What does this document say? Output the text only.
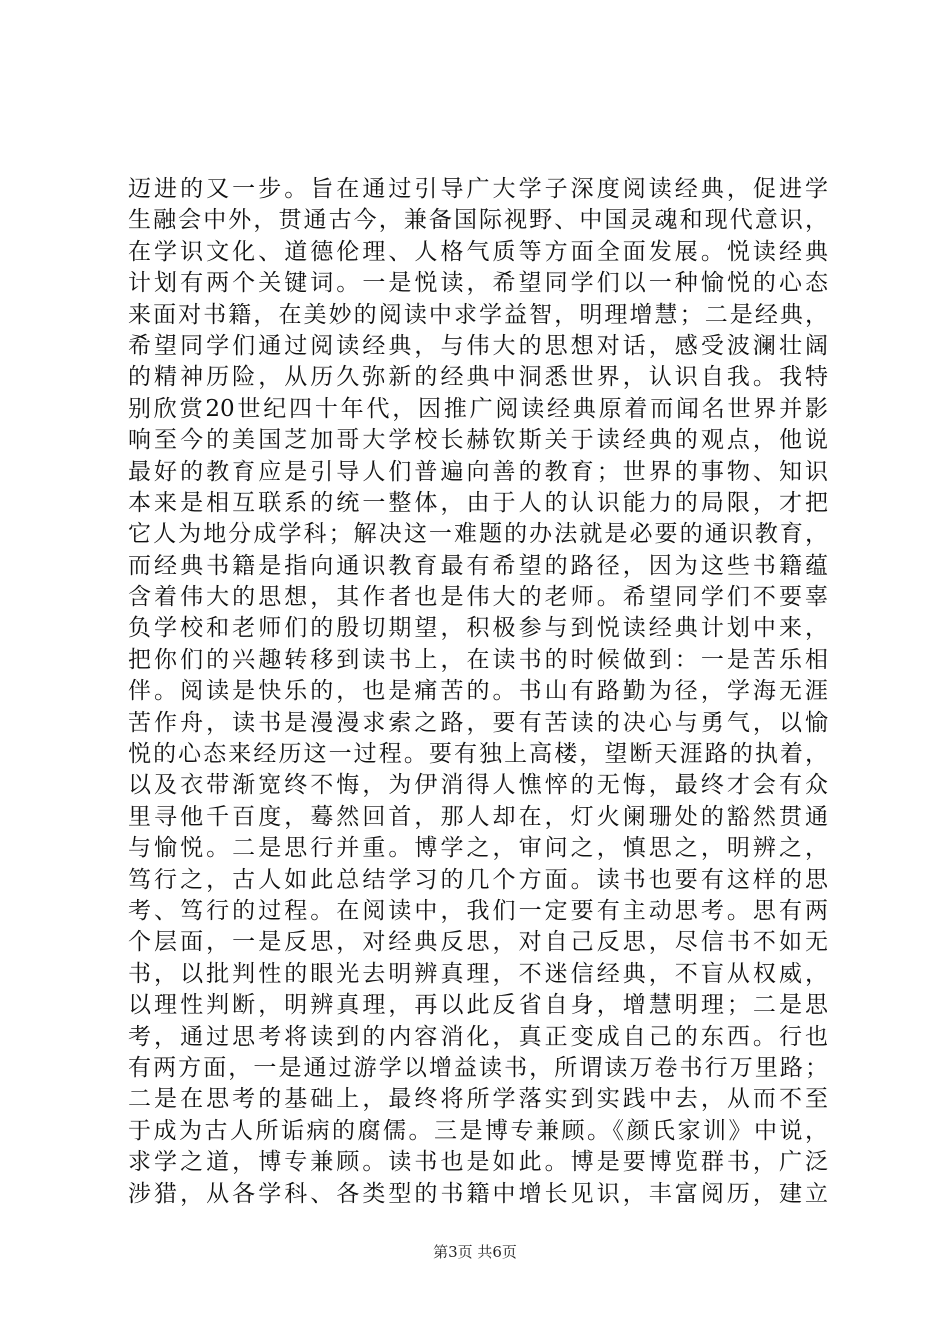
迈进的又一步。旨在通过引导广大学子深度阅读经典，促进学
生融会中外，贯通古今，兼备国际视野、中国灵魂和现代意识，
在学识文化、道德伦理、人格气质等方面全面发展。悦读经典
计划有两个关键词。一是悦读，希望同学们以一种愉悦的心态
来面对书籍，在美妙的阅读中求学益智，明理增慧；二是经典，
希望同学们通过阅读经典，与伟大的思想对话，感受波澜壮阔
的精神历险，从历久弥新的经典中洞悉世界，认识自我。我特
别欣赏20世纪四十年代，因推广阅读经典原着而闻名世界并影
响至今的美国芝加哥大学校长赫钦斯关于读经典的观点，他说
最好的教育应是引导人们普遍向善的教育；世界的事物、知识
本来是相互联系的统一整体，由于人的认识能力的局限，才把
它人为地分成学科；解决这一难题的办法就是必要的通识教育，
而经典书籍是指向通识教育最有希望的路径，因为这些书籍蕴
含着伟大的思想，其作者也是伟大的老师。希望同学们不要辜
负学校和老师们的殷切期望，积极参与到悦读经典计划中来，
把你们的兴趣转移到读书上，在读书的时候做到：一是苦乐相
伴。阅读是快乐的，也是痛苦的。书山有路勤为径，学海无涯
苦作舟，读书是漫漫求索之路，要有苦读的决心与勇气，以愉
悦的心态来经历这一过程。要有独上高楼，望断天涯路的执着，
以及衣带渐宽终不悔，为伊消得人憔悴的无悔，最终才会有众
里寻他千百度，蓦然回首，那人却在，灯火阑珊处的豁然贯通
与愉悦。二是思行并重。博学之，审问之，慎思之，明辨之，
笃行之，古人如此总结学习的几个方面。读书也要有这样的思
考、笃行的过程。在阅读中，我们一定要有主动思考。思有两
个层面，一是反思，对经典反思，对自己反思，尽信书不如无
书，以批判性的眼光去明辨真理，不迷信经典，不盲从权威，
以理性判断，明辨真理，再以此反省自身，增慧明理；二是思
考，通过思考将读到的内容消化，真正变成自己的东西。行也
有两方面，一是通过游学以增益读书，所谓读万卷书行万里路；
二是在思考的基础上，最终将所学落实到实践中去，从而不至
于成为古人所诟病的腐儒。三是博专兼顾。《颜氏家训》中说，
求学之道，博专兼顾。读书也是如此。博是要博览群书，广泛
涉猎，从各学科、各类型的书籍中增长见识，丰富阅历，建立
第3页 共6页
